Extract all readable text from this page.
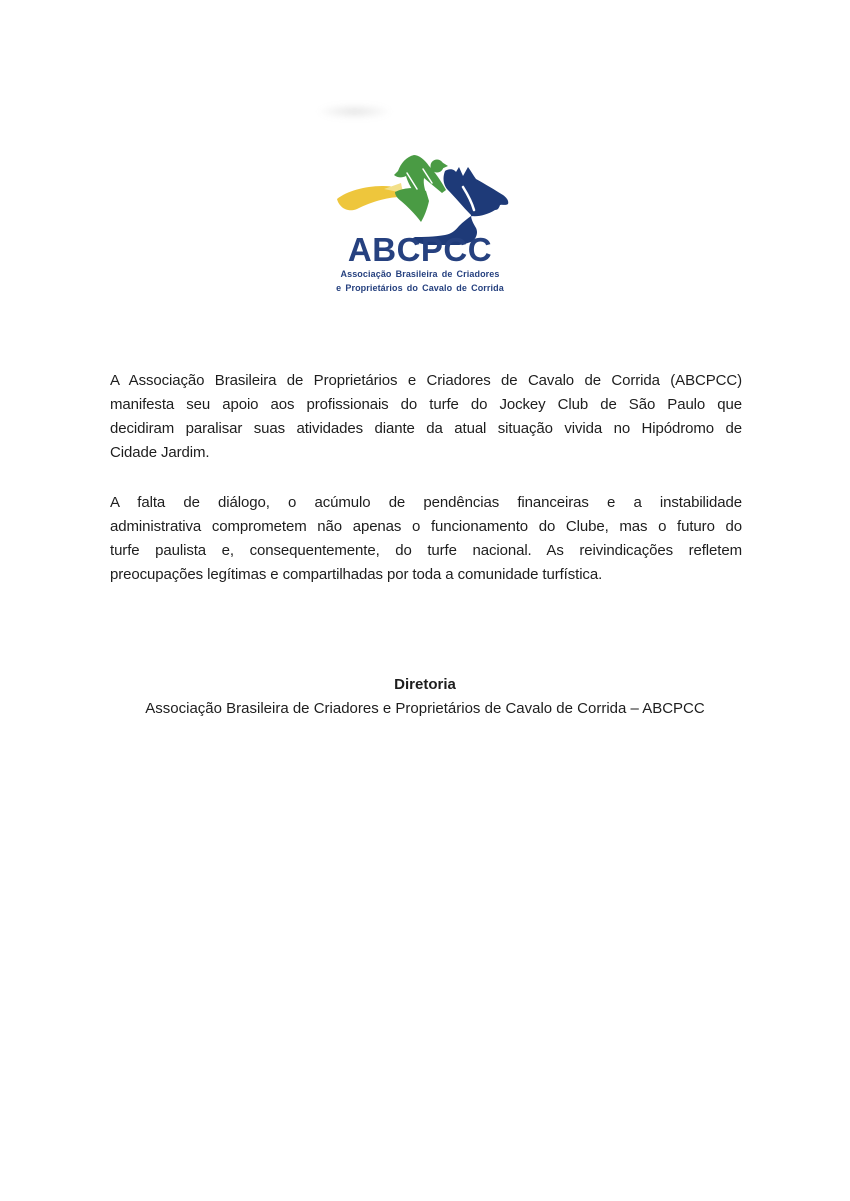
ABCPCC
Associação Brasileira de Criadores
e Proprietários do Cavalo de Corrida
A Associação Brasileira de Proprietários e Criadores de Cavalo de Corrida (ABCPCC)
manifesta seu apoio aos profissionais do turfe do Jockey Club de São Paulo que
decidiram paralisar suas atividades diante da atual situação vivida no Hipódromo de
Cidade Jardim.
A falta de diálogo, o acúmulo de pendências financeiras e a instabilidade
administrativa comprometem não apenas o funcionamento do Clube, mas o futuro do
turfe paulista e, consequentemente, do turfe nacional. As reivindicações refletem
preocupações legítimas e compartilhadas por toda a comunidade turfística.
Diretoria
Associação Brasileira de Criadores e Proprietários de Cavalo de Corrida – ABCPCC
